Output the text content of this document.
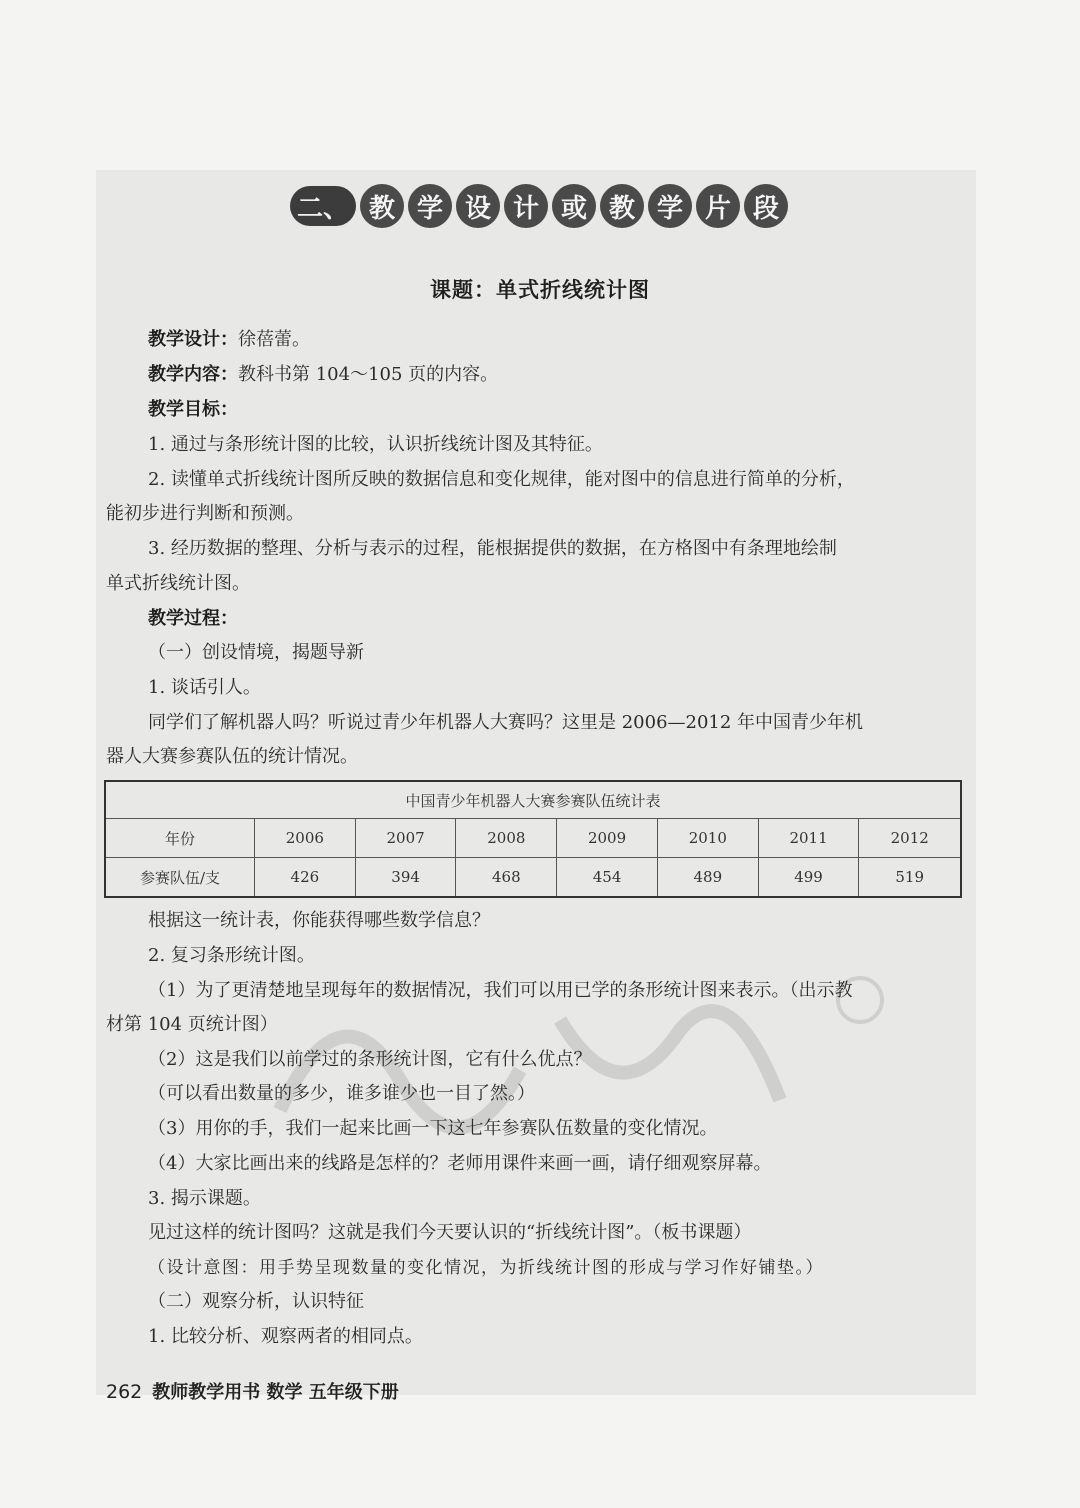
二、 教 学 设 计 或 教 学 片 段
课题：单式折线统计图
教学设计：徐蓓蕾。
教学内容：教科书第 104～105 页的内容。
教学目标：
1. 通过与条形统计图的比较，认识折线统计图及其特征。
2. 读懂单式折线统计图所反映的数据信息和变化规律，能对图中的信息进行简单的分析，
能初步进行判断和预测。
3. 经历数据的整理、分析与表示的过程，能根据提供的数据，在方格图中有条理地绘制
单式折线统计图。
教学过程：
（一）创设情境，揭题导新
1. 谈话引人。
同学们了解机器人吗？听说过青少年机器人大赛吗？这里是 2006—2012 年中国青少年机
器人大赛参赛队伍的统计情况。
中国青少年机器人大赛参赛队伍统计表							
年份	2006	2007	2008	2009	2010	2011	2012
参赛队伍/支	426	394	468	454	489	499	519
根据这一统计表，你能获得哪些数学信息？
2. 复习条形统计图。
（1）为了更清楚地呈现每年的数据情况，我们可以用已学的条形统计图来表示。（出示教
材第 104 页统计图）
（2）这是我们以前学过的条形统计图，它有什么优点？
（可以看出数量的多少，谁多谁少也一目了然。）
（3）用你的手，我们一起来比画一下这七年参赛队伍数量的变化情况。
（4）大家比画出来的线路是怎样的？老师用课件来画一画，请仔细观察屏幕。
3. 揭示课题。
见过这样的统计图吗？这就是我们今天要认识的“折线统计图”。（板书课题）
（设计意图：用手势呈现数量的变化情况，为折线统计图的形成与学习作好铺垫。）
（二）观察分析，认识特征
1. 比较分析、观察两者的相同点。
262 教师教学用书 数学 五年级下册
